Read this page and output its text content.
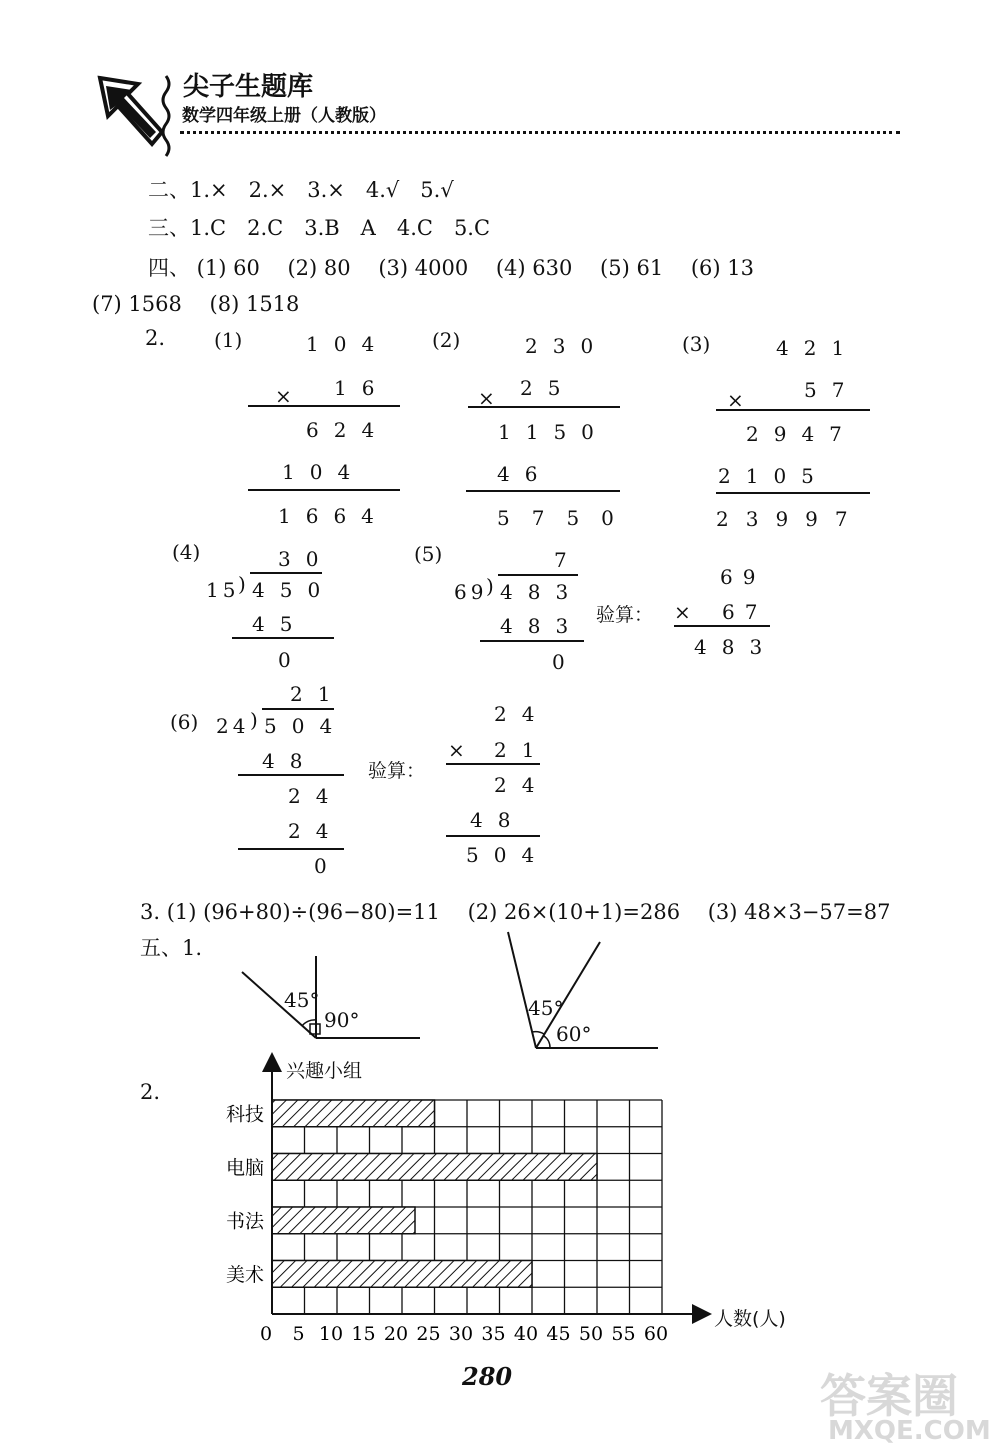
尖子生题库
数学四年级上册（人教版）
二、1.×　2.×　3.×　4.√　5.√
三、1.C　2.C　3.B　A　4.C　5.C
四、 (1) 60　 (2) 80　 (3) 4000　 (4) 630　 (5) 61　 (6) 13
(7) 1568　 (8) 1518
2. (1)	104
× 16
624
104
1664
(2)	230
× 25
1150
46
5750
(3)	421
×	57
2947
2105
23997
(4)	30
15
) 450
45
0
(5)	7
69
) 483
483
0
验算：
69
× 67
483
(6)
21
24 ) 504
48
24
24
0
验算：
24
× 21
24
48
504
3. (1) (96+80)÷(96−80)=11　 (2) 26×(10+1)=286　 (3) 48×3−57=87
五、1.
45°
90°	45°
60°
2.
兴趣小组
人数(人)
科技
电脑
书法
美术
0 5 10 15 20 25 30 35 40 45 50 55 60
280	答案圈
MXQE.COM
